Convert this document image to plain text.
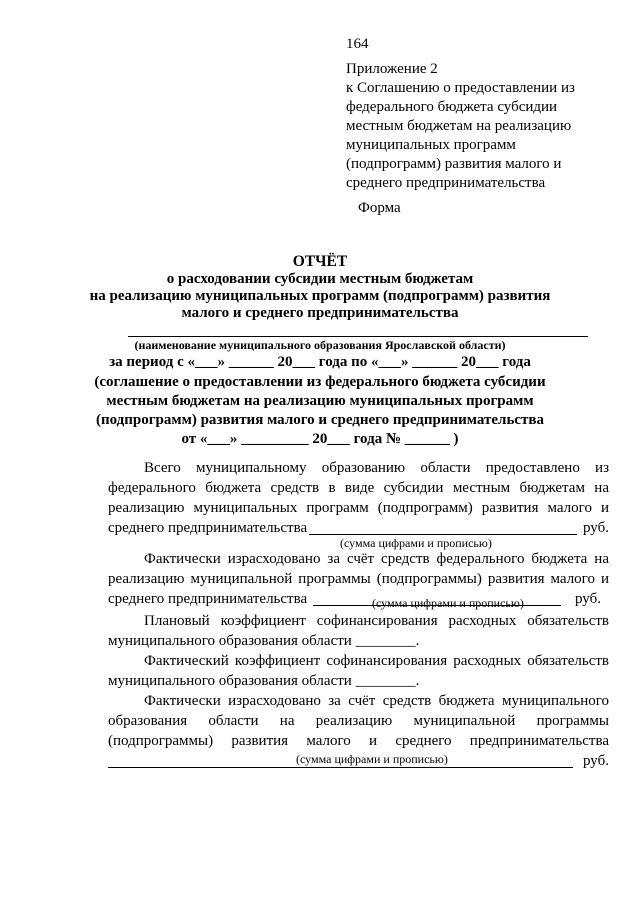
164
Приложение 2
к Соглашению о предоставлении из
федерального бюджета субсидии
местным бюджетам на реализацию
муниципальных программ
(подпрограмм) развития малого и
среднего предпринимательства
Форма
ОТЧЁТ
о расходовании субсидии местным бюджетам
на реализацию муниципальных программ (подпрограмм) развития
малого и среднего предпринимательства
(наименование муниципального образования Ярославской области)
за период с «___» ______ 20___ года по «___» ______ 20___ года
(соглашение о предоставлении из федерального бюджета субсидии
местным бюджетам на реализацию муниципальных программ
(подпрограмм) развития малого и среднего предпринимательства
от «___» _________ 20___ года № ______ )
Всего муниципальному образованию области предоставлено из
федерального бюджета средств в виде субсидии местным бюджетам на
реализацию муниципальных программ (подпрограмм) развития малого и
среднего предпринимательства	руб.
(сумма цифрами и прописью)
Фактически израсходовано за счёт средств федерального бюджета на
реализацию муниципальной программы (подпрограммы) развития малого и
среднего предпринимательства	руб.
(сумма цифрами и прописью)
Плановый коэффициент софинансирования расходных обязательств
муниципального образования области ________.
Фактический коэффициент софинансирования расходных обязательств
муниципального образования области ________.
Фактически израсходовано за счёт средств бюджета муниципального
образования области на реализацию муниципальной программы
(подпрограммы) развития малого и среднего предпринимательства
руб.
(сумма цифрами и прописью)
